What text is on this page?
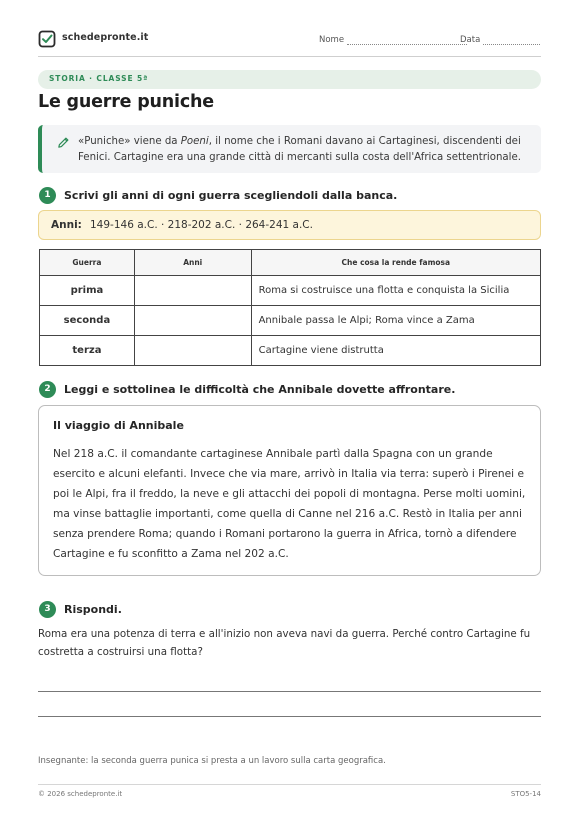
schedepronte.it	Nome	Data
STORIA · CLASSE 5ª
Le guerre puniche

«Puniche» viene da Poeni, il nome che i Romani davano ai Cartaginesi, discendenti dei Fenici. Cartagine era una grande città di mercanti sulla costa dell'Africa settentrionale.

1	Scrivi gli anni di ogni guerra scegliendoli dalla banca.
Anni: 149-146 a.C. · 218-202 a.C. · 264-241 a.C.
Guerra	Anni	Che cosa la rende famosa
prima		Roma si costruisce una flotta e conquista la Sicilia
seconda		Annibale passa le Alpi; Roma vince a Zama
terza		Cartagine viene distrutta
2	Leggi e sottolinea le difficoltà che Annibale dovette affrontare.
Il viaggio di Annibale

Nel 218 a.C. il comandante cartaginese Annibale partì dalla Spagna con un grande esercito e alcuni elefanti. Invece che via mare, arrivò in Italia via terra: superò i Pirenei e poi le Alpi, fra il freddo, la neve e gli attacchi dei popoli di montagna. Perse molti uomini, ma vinse battaglie importanti, come quella di Canne nel 216 a.C. Restò in Italia per anni senza prendere Roma; quando i Romani portarono la guerra in Africa, tornò a difendere Cartagine e fu sconfitto a Zama nel 202 a.C.

3	Rispondi.

Roma era una potenza di terra e all'inizio non aveva navi da guerra. Perché contro Cartagine fu costretta a costruirsi una flotta?

Insegnante: la seconda guerra punica si presta a un lavoro sulla carta geografica.
© 2026 schedepronte.it	STO5-14
